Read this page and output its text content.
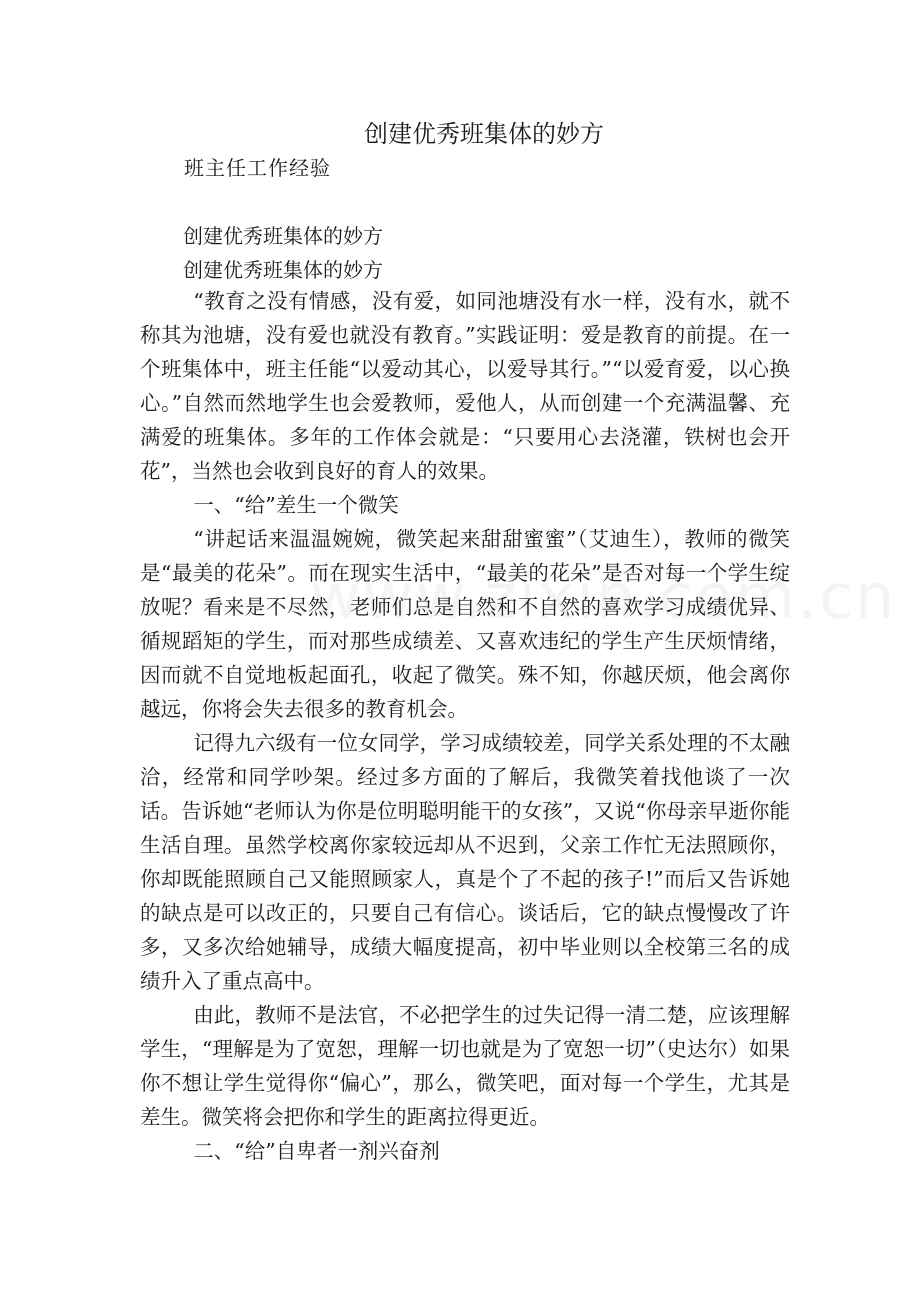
创建优秀班集体的妙方
班主任工作经验
创建优秀班集体的妙方
创建优秀班集体的妙方

“教育之没有情感，没有爱，如同池塘没有水一样，没有水，就不称其为池塘，没有爱也就没有教育。”实践证明：爱是教育的前提。在一个班集体中，班主任能“以爱动其心，以爱导其行。”“以爱育爱，以心换心。”自然而然地学生也会爱教师，爱他人，从而创建一个充满温馨、充满爱的班集体。多年的工作体会就是：“只要用心去浇灌，铁树也会开花”，当然也会收到良好的育人的效果。

一、“给”差生一个微笑

“讲起话来温温婉婉，微笑起来甜甜蜜蜜”（艾迪生），教师的微笑是“最美的花朵”。而在现实生活中，“最美的花朵”是否对每一个学生绽放呢？看来是不尽然，老师们总是自然和不自然的喜欢学习成绩优异、循规蹈矩的学生，而对那些成绩差、又喜欢违纪的学生产生厌烦情绪，因而就不自觉地板起面孔，收起了微笑。殊不知，你越厌烦，他会离你越远，你将会失去很多的教育机会。

记得九六级有一位女同学，学习成绩较差，同学关系处理的不太融洽，经常和同学吵架。经过多方面的了解后，我微笑着找他谈了一次话。告诉她“老师认为你是位明聪明能干的女孩”，又说“你母亲早逝你能生活自理。虽然学校离你家较远却从不迟到，父亲工作忙无法照顾你，你却既能照顾自己又能照顾家人，真是个了不起的孩子!”而后又告诉她的缺点是可以改正的，只要自己有信心。谈话后，它的缺点慢慢改了许多，又多次给她辅导，成绩大幅度提高，初中毕业则以全校第三名的成绩升入了重点高中。

由此，教师不是法官，不必把学生的过失记得一清二楚，应该理解学生，“理解是为了宽恕，理解一切也就是为了宽恕一切”（史达尔）如果你不想让学生觉得你“偏心”，那么，微笑吧，面对每一个学生，尤其是差生。微笑将会把你和学生的距离拉得更近。

二、“给”自卑者一剂兴奋剂
